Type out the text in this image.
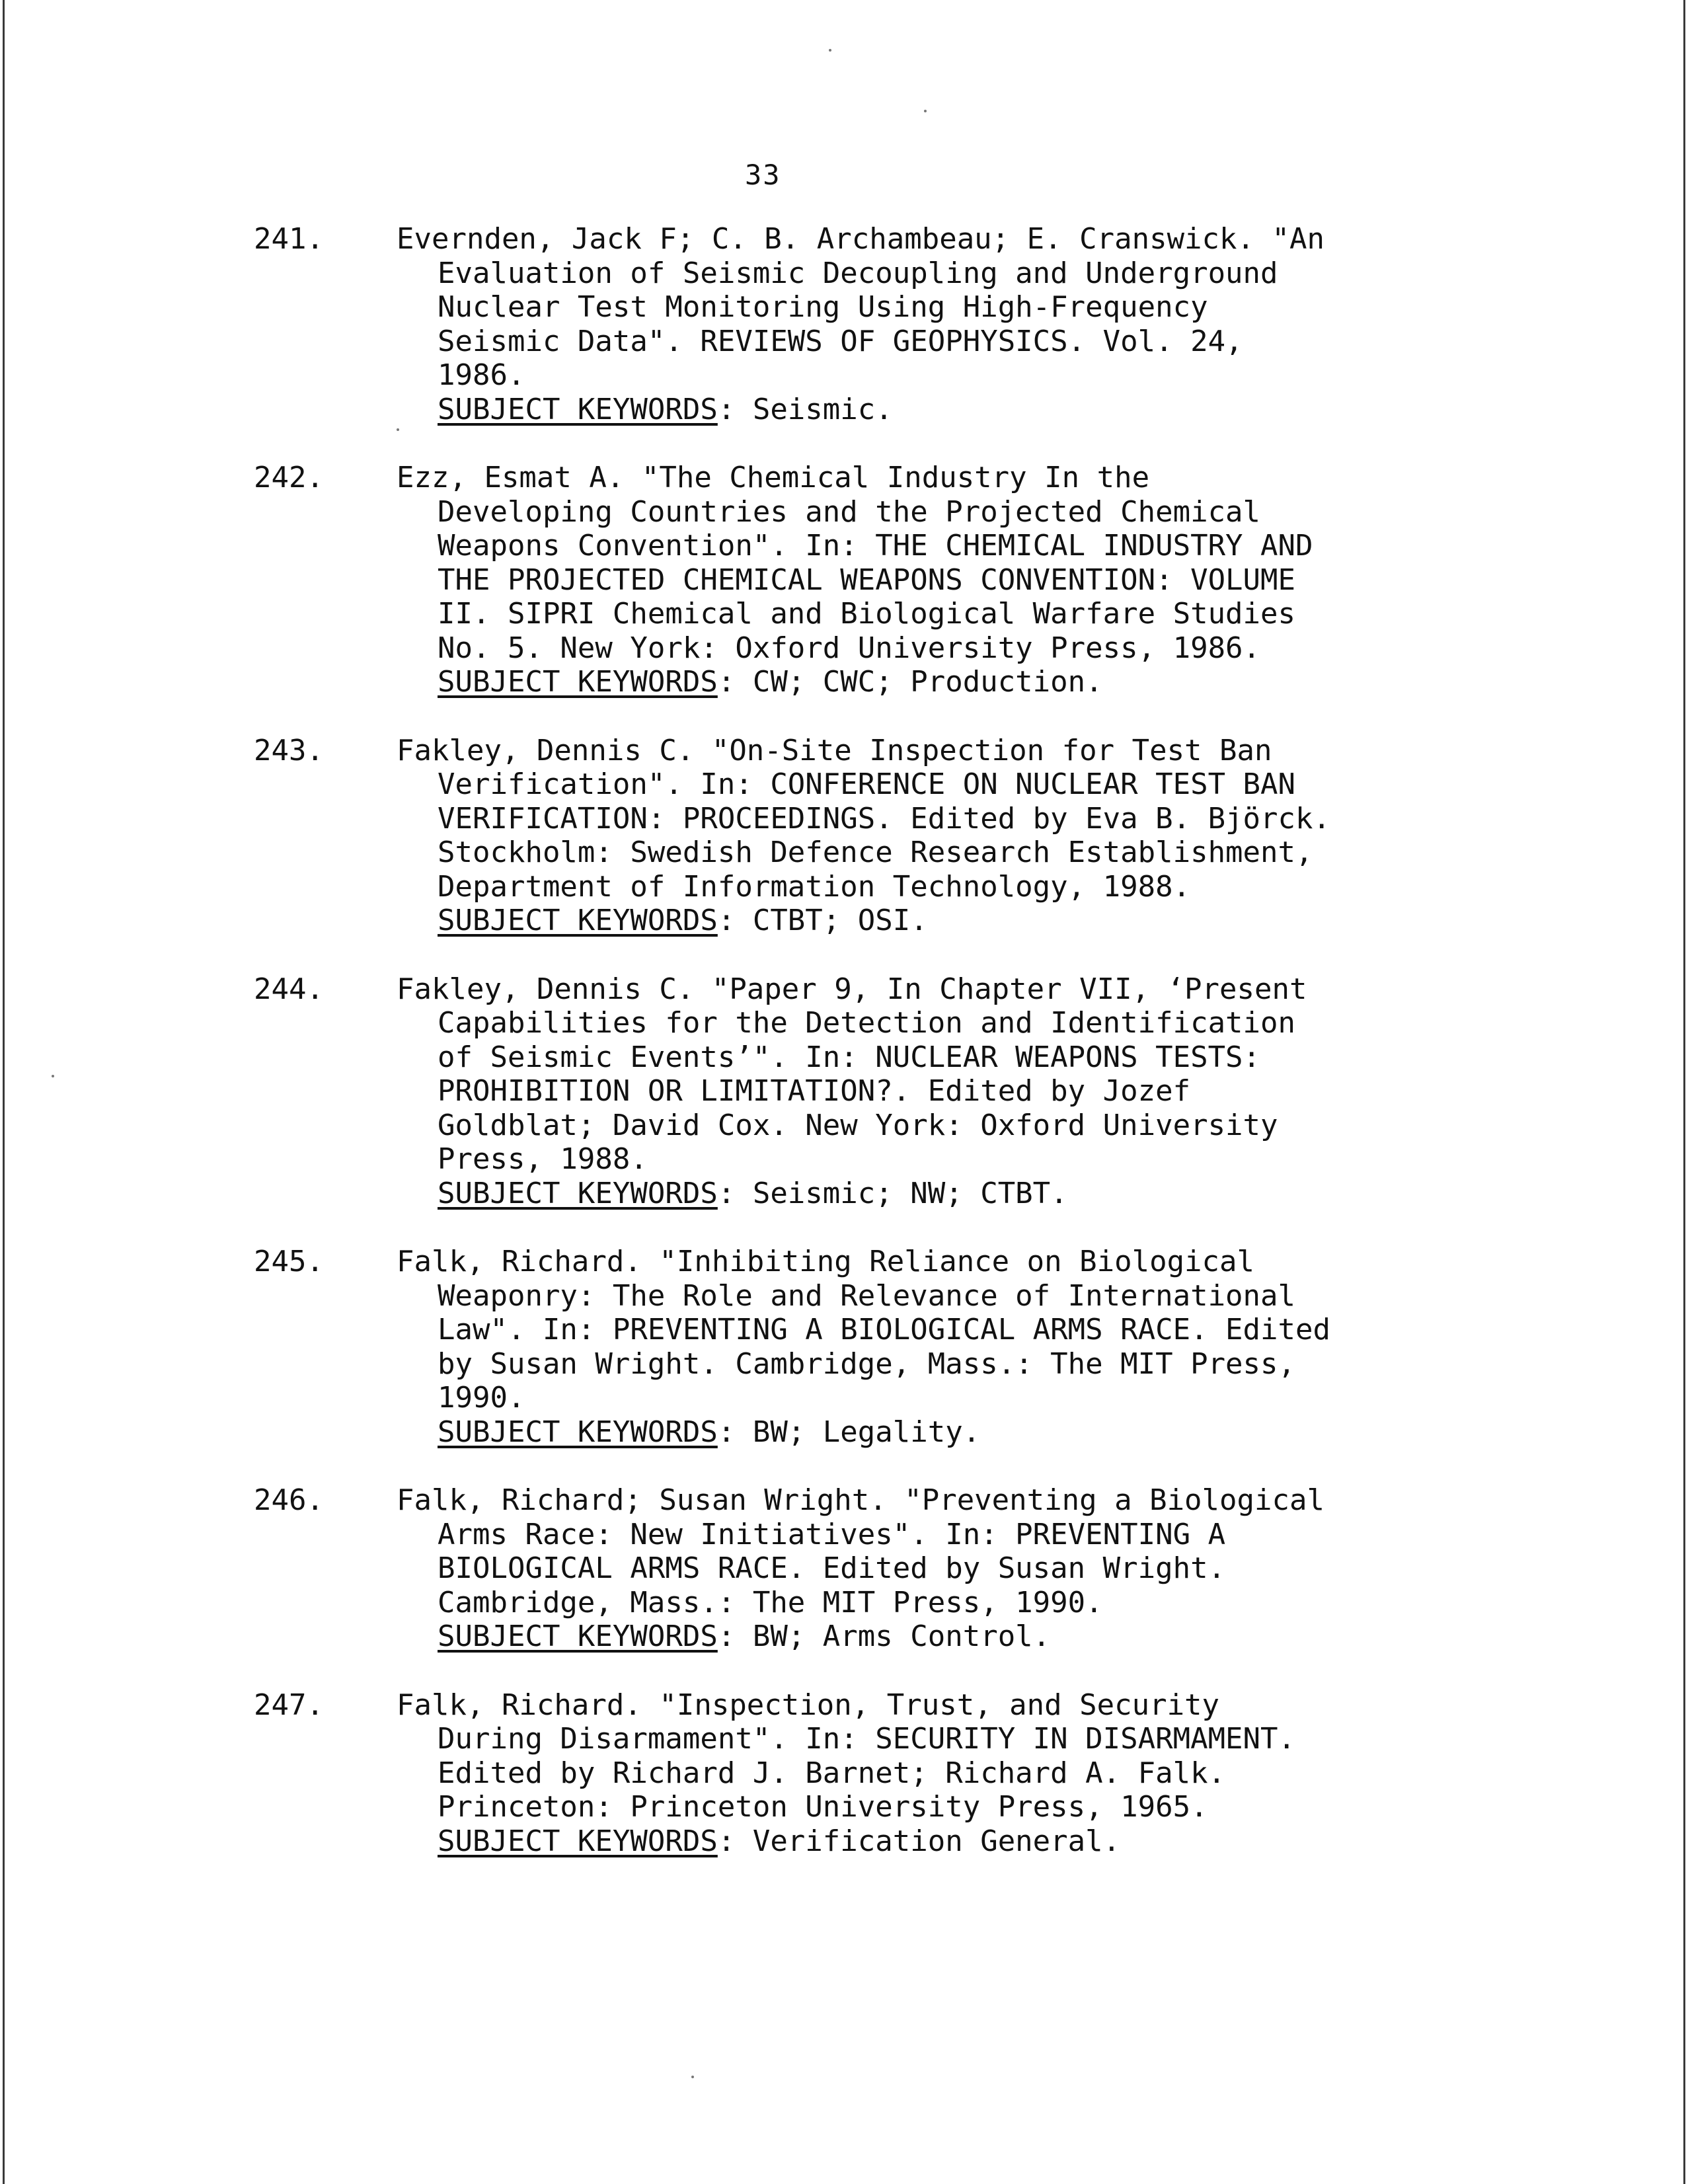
33
241.	Evernden, Jack F; C. B. Archambeau; E. Cranswick. "An
Evaluation of Seismic Decoupling and Underground
Nuclear Test Monitoring Using High-Frequency
Seismic Data". REVIEWS OF GEOPHYSICS. Vol. 24,
1986.
SUBJECT KEYWORDS: Seismic.
242.	Ezz, Esmat A. "The Chemical Industry In the
Developing Countries and the Projected Chemical
Weapons Convention". In: THE CHEMICAL INDUSTRY AND
THE PROJECTED CHEMICAL WEAPONS CONVENTION: VOLUME
II. SIPRI Chemical and Biological Warfare Studies
No. 5. New York: Oxford University Press, 1986.
SUBJECT KEYWORDS: CW; CWC; Production.
243.	Fakley, Dennis C. "On-Site Inspection for Test Ban
Verification". In: CONFERENCE ON NUCLEAR TEST BAN
VERIFICATION: PROCEEDINGS. Edited by Eva B. Björck.
Stockholm: Swedish Defence Research Establishment,
Department of Information Technology, 1988.
SUBJECT KEYWORDS: CTBT; OSI.
244.	Fakley, Dennis C. "Paper 9, In Chapter VII, ‘Present
Capabilities for the Detection and Identification
of Seismic Events’". In: NUCLEAR WEAPONS TESTS:
PROHIBITION OR LIMITATION?. Edited by Jozef
Goldblat; David Cox. New York: Oxford University
Press, 1988.
SUBJECT KEYWORDS: Seismic; NW; CTBT.
245.	Falk, Richard. "Inhibiting Reliance on Biological
Weaponry: The Role and Relevance of International
Law". In: PREVENTING A BIOLOGICAL ARMS RACE. Edited
by Susan Wright. Cambridge, Mass.: The MIT Press,
1990.
SUBJECT KEYWORDS: BW; Legality.
246.	Falk, Richard; Susan Wright. "Preventing a Biological
Arms Race: New Initiatives". In: PREVENTING A
BIOLOGICAL ARMS RACE. Edited by Susan Wright.
Cambridge, Mass.: The MIT Press, 1990.
SUBJECT KEYWORDS: BW; Arms Control.
247.	Falk, Richard. "Inspection, Trust, and Security
During Disarmament". In: SECURITY IN DISARMAMENT.
Edited by Richard J. Barnet; Richard A. Falk.
Princeton: Princeton University Press, 1965.
SUBJECT KEYWORDS: Verification General.
